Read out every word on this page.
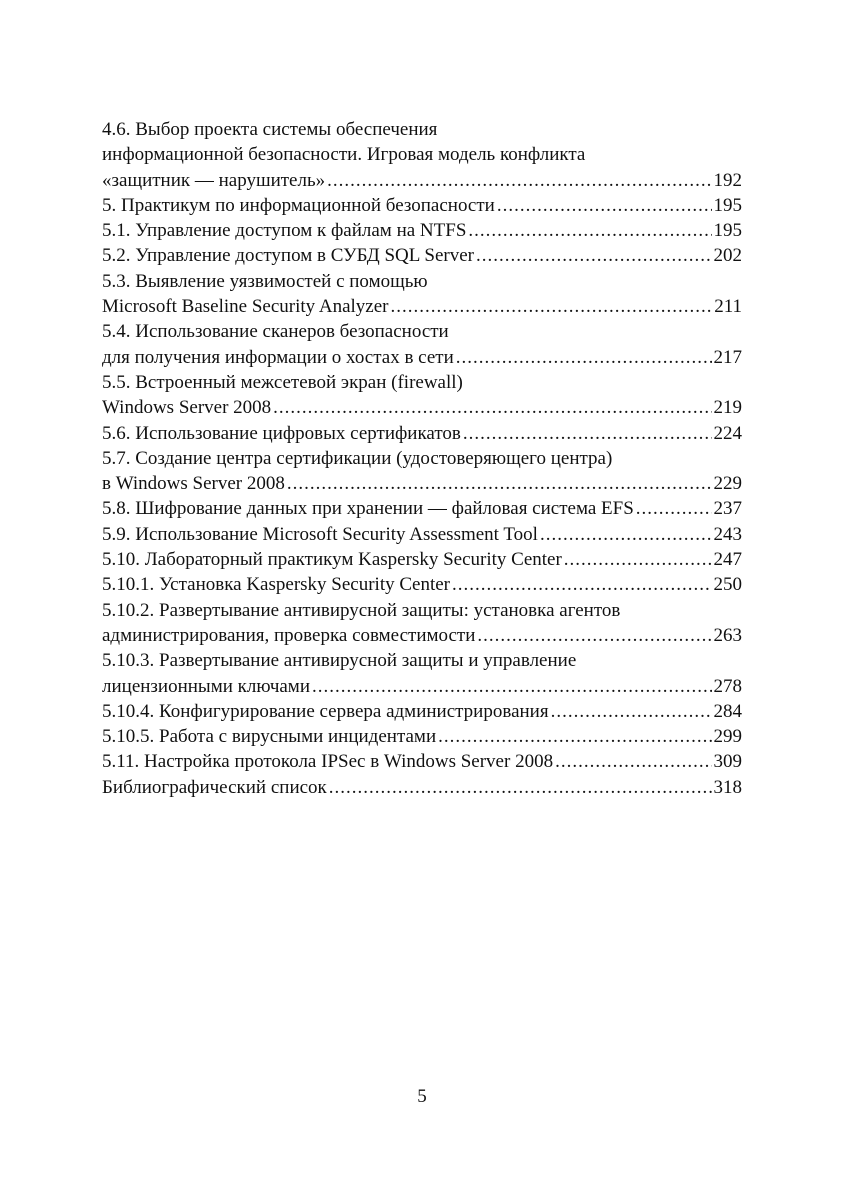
4.6. Выбор проекта системы обеспечения
информационной безопасности. Игровая модель конфликта
«защитник — нарушитель» .....	192
5. Практикум по информационной безопасности .....	195
5.1. Управление доступом к файлам на NTFS .....	195
5.2. Управление доступом в СУБД SQL Server .....	202
5.3. Выявление уязвимостей с помощью
Microsoft Baseline Security Analyzer .....	211
5.4. Использование сканеров безопасности
для получения информации о хостах в сети .....	217
5.5. Встроенный межсетевой экран (firewall)
Windows Server 2008 .....	219
5.6. Использование цифровых сертификатов .....	224
5.7. Создание центра сертификации (удостоверяющего центра)
в Windows Server 2008 .....	229
5.8. Шифрование данных при хранении — файловая система EFS .....	237
5.9. Использование Microsoft Security Assessment Tool .....	243
5.10. Лабораторный практикум Kaspersky Security Center .....	247
5.10.1. Установка Kaspersky Security Center .....	250
5.10.2. Развертывание антивирусной защиты: установка агентов
администрирования, проверка совместимости .....	263
5.10.3. Развертывание антивирусной защиты и управление
лицензионными ключами .....	278
5.10.4. Конфигурирование сервера администрирования .....	284
5.10.5. Работа с вирусными инцидентами .....	299
5.11. Настройка протокола IPSec в Windows Server 2008 .....	309
Библиографический список .....	318
5
